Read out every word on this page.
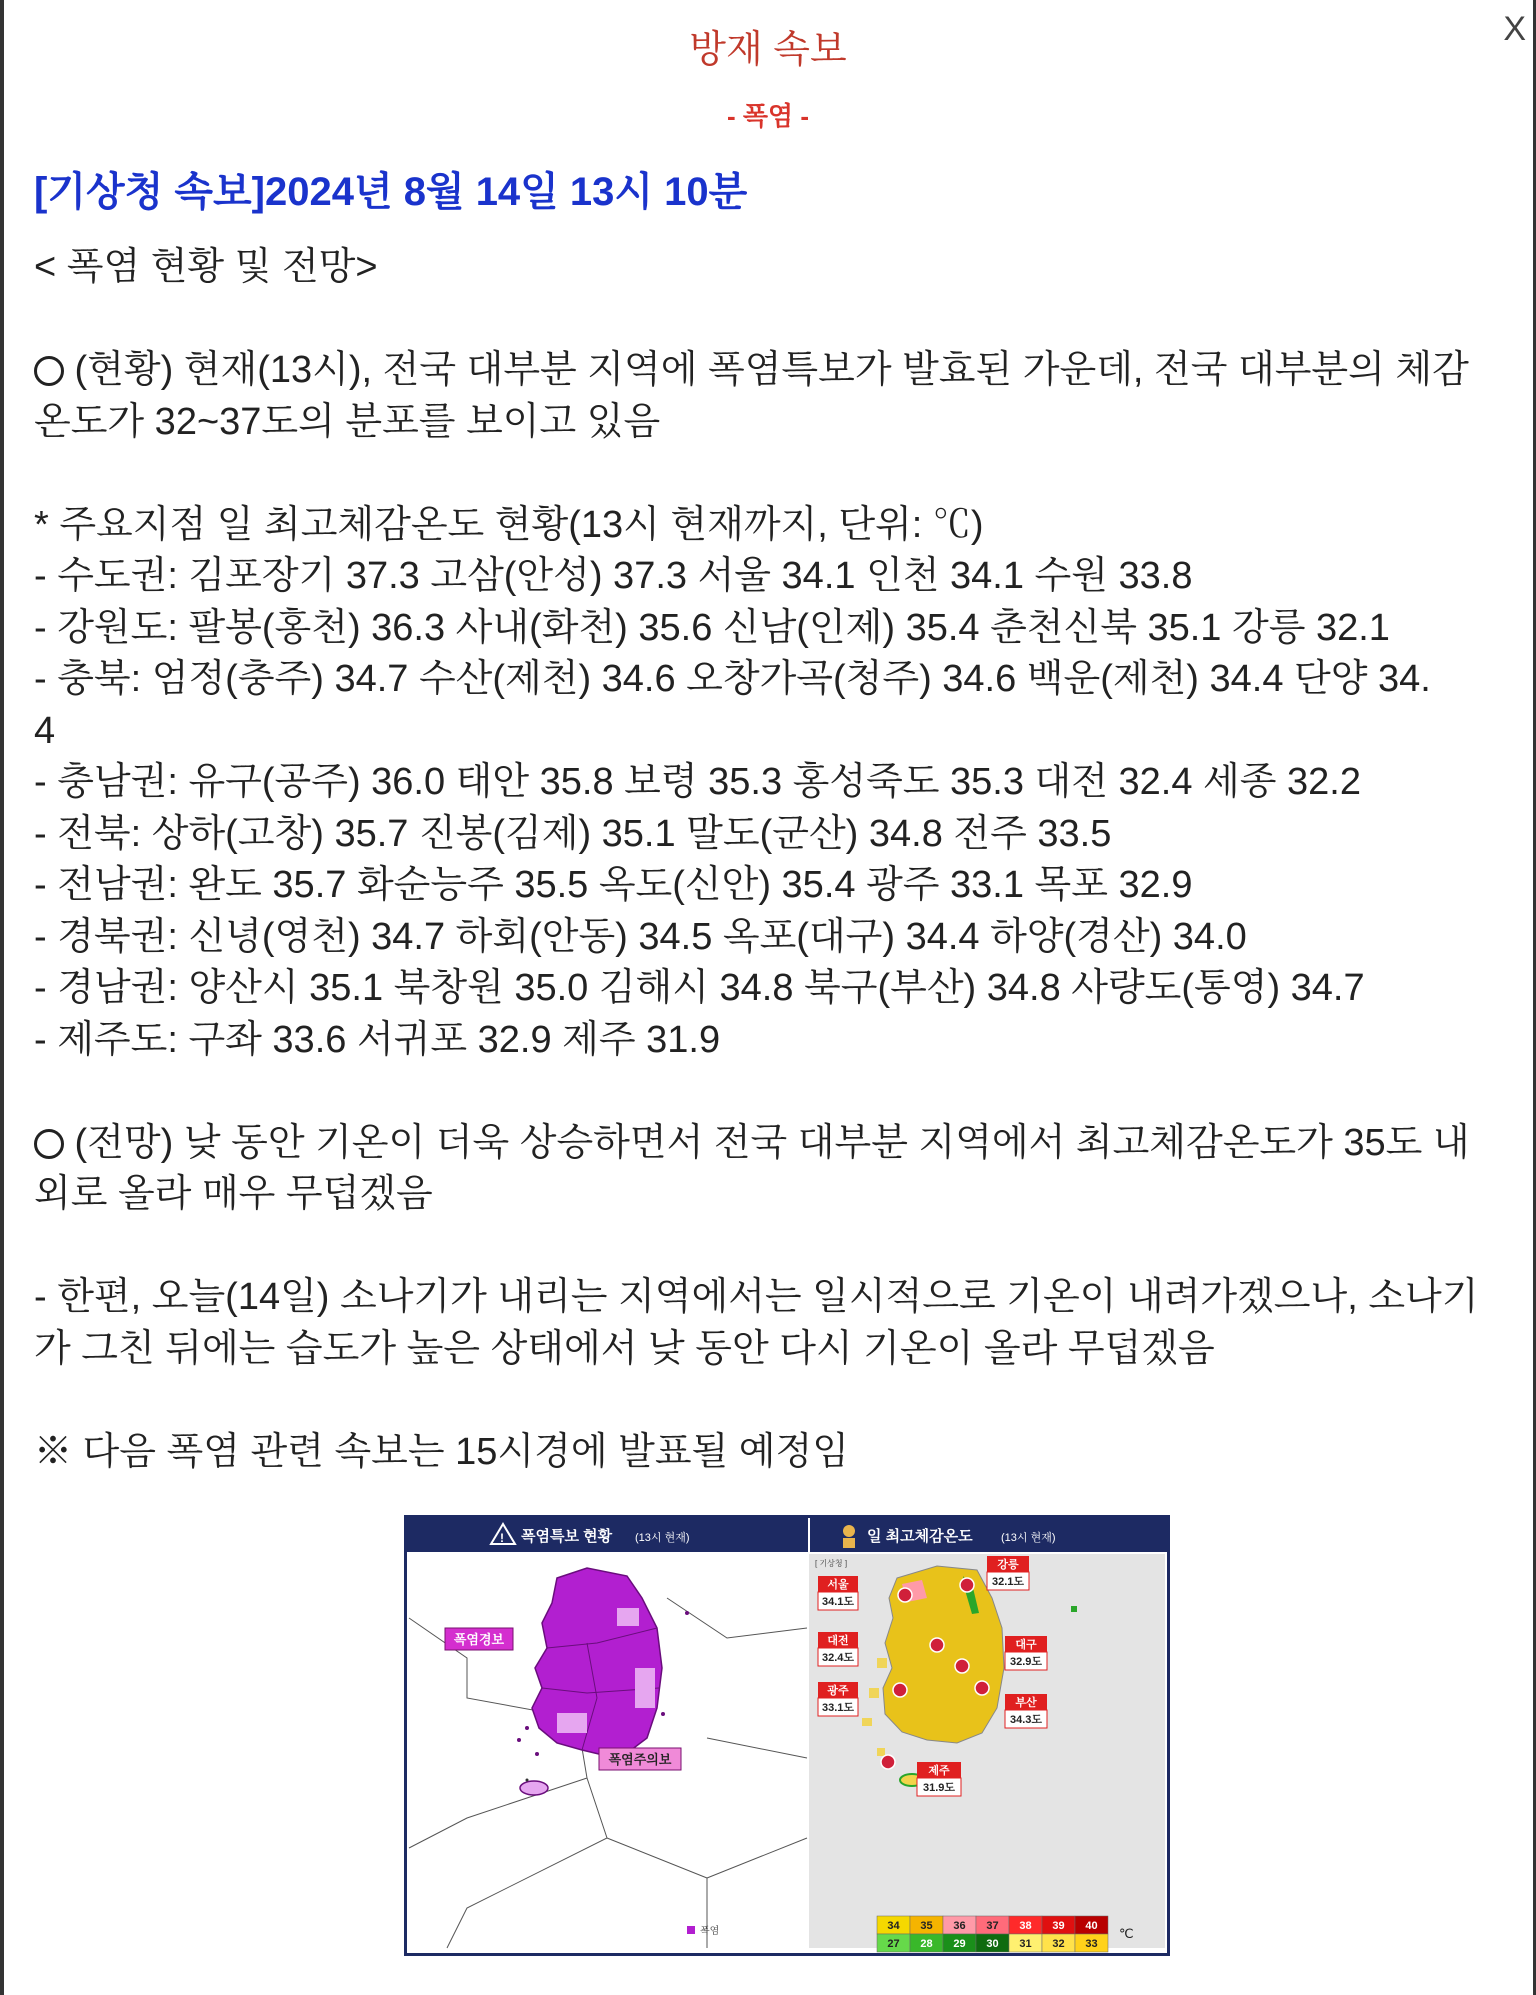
방재 속보
- 폭염 -
X

[기상청 속보]2024년 8월 14일 13시 10분

< 폭염 현황 및 전망>

(현황) 현재(13시), 전국 대부분 지역에 폭염특보가 발효된 가운데, 전국 대부분의 체감

온도가 32~37도의 분포를 보이고 있음

* 주요지점 일 최고체감온도 현황(13시 현재까지, 단위: ℃)

- 수도권: 김포장기 37.3 고삼(안성) 37.3 서울 34.1 인천 34.1 수원 33.8

- 강원도: 팔봉(홍천) 36.3 사내(화천) 35.6 신남(인제) 35.4 춘천신북 35.1 강릉 32.1

- 충북: 엄정(충주) 34.7 수산(제천) 34.6 오창가곡(청주) 34.6 백운(제천) 34.4 단양 34.

4

- 충남권: 유구(공주) 36.0 태안 35.8 보령 35.3 홍성죽도 35.3 대전 32.4 세종 32.2

- 전북: 상하(고창) 35.7 진봉(김제) 35.1 말도(군산) 34.8 전주 33.5

- 전남권: 완도 35.7 화순능주 35.5 옥도(신안) 35.4 광주 33.1 목포 32.9

- 경북권: 신녕(영천) 34.7 하회(안동) 34.5 옥포(대구) 34.4 하양(경산) 34.0

- 경남권: 양산시 35.1 북창원 35.0 김해시 34.8 북구(부산) 34.8 사량도(통영) 34.7

- 제주도: 구좌 33.6 서귀포 32.9 제주 31.9

(전망) 낮 동안 기온이 더욱 상승하면서 전국 대부분 지역에서 최고체감온도가 35도 내

외로 올라 매우 무덥겠음

- 한편, 오늘(14일) 소나기가 내리는 지역에서는 일시적으로 기온이 내려가겠으나, 소나기

가 그친 뒤에는 습도가 높은 상태에서 낮 동안 다시 기온이 올라 무덥겠음

※ 다음 폭염 관련 속보는 15시경에 발표될 예정임

! 폭염특보 현황 (13시 현재)	일 최고체감온도	(13시 현재)
폭염경보
폭염주의보
폭염
[ 기상청 ]
서울
34.1도
강릉
32.1도
대전
32.4도
대구
32.9도
광주
33.1도	부산
34.3도
제주
31.9도
34 35 36 37 38 39 40
27 28 29 30 31 32 33
℃
